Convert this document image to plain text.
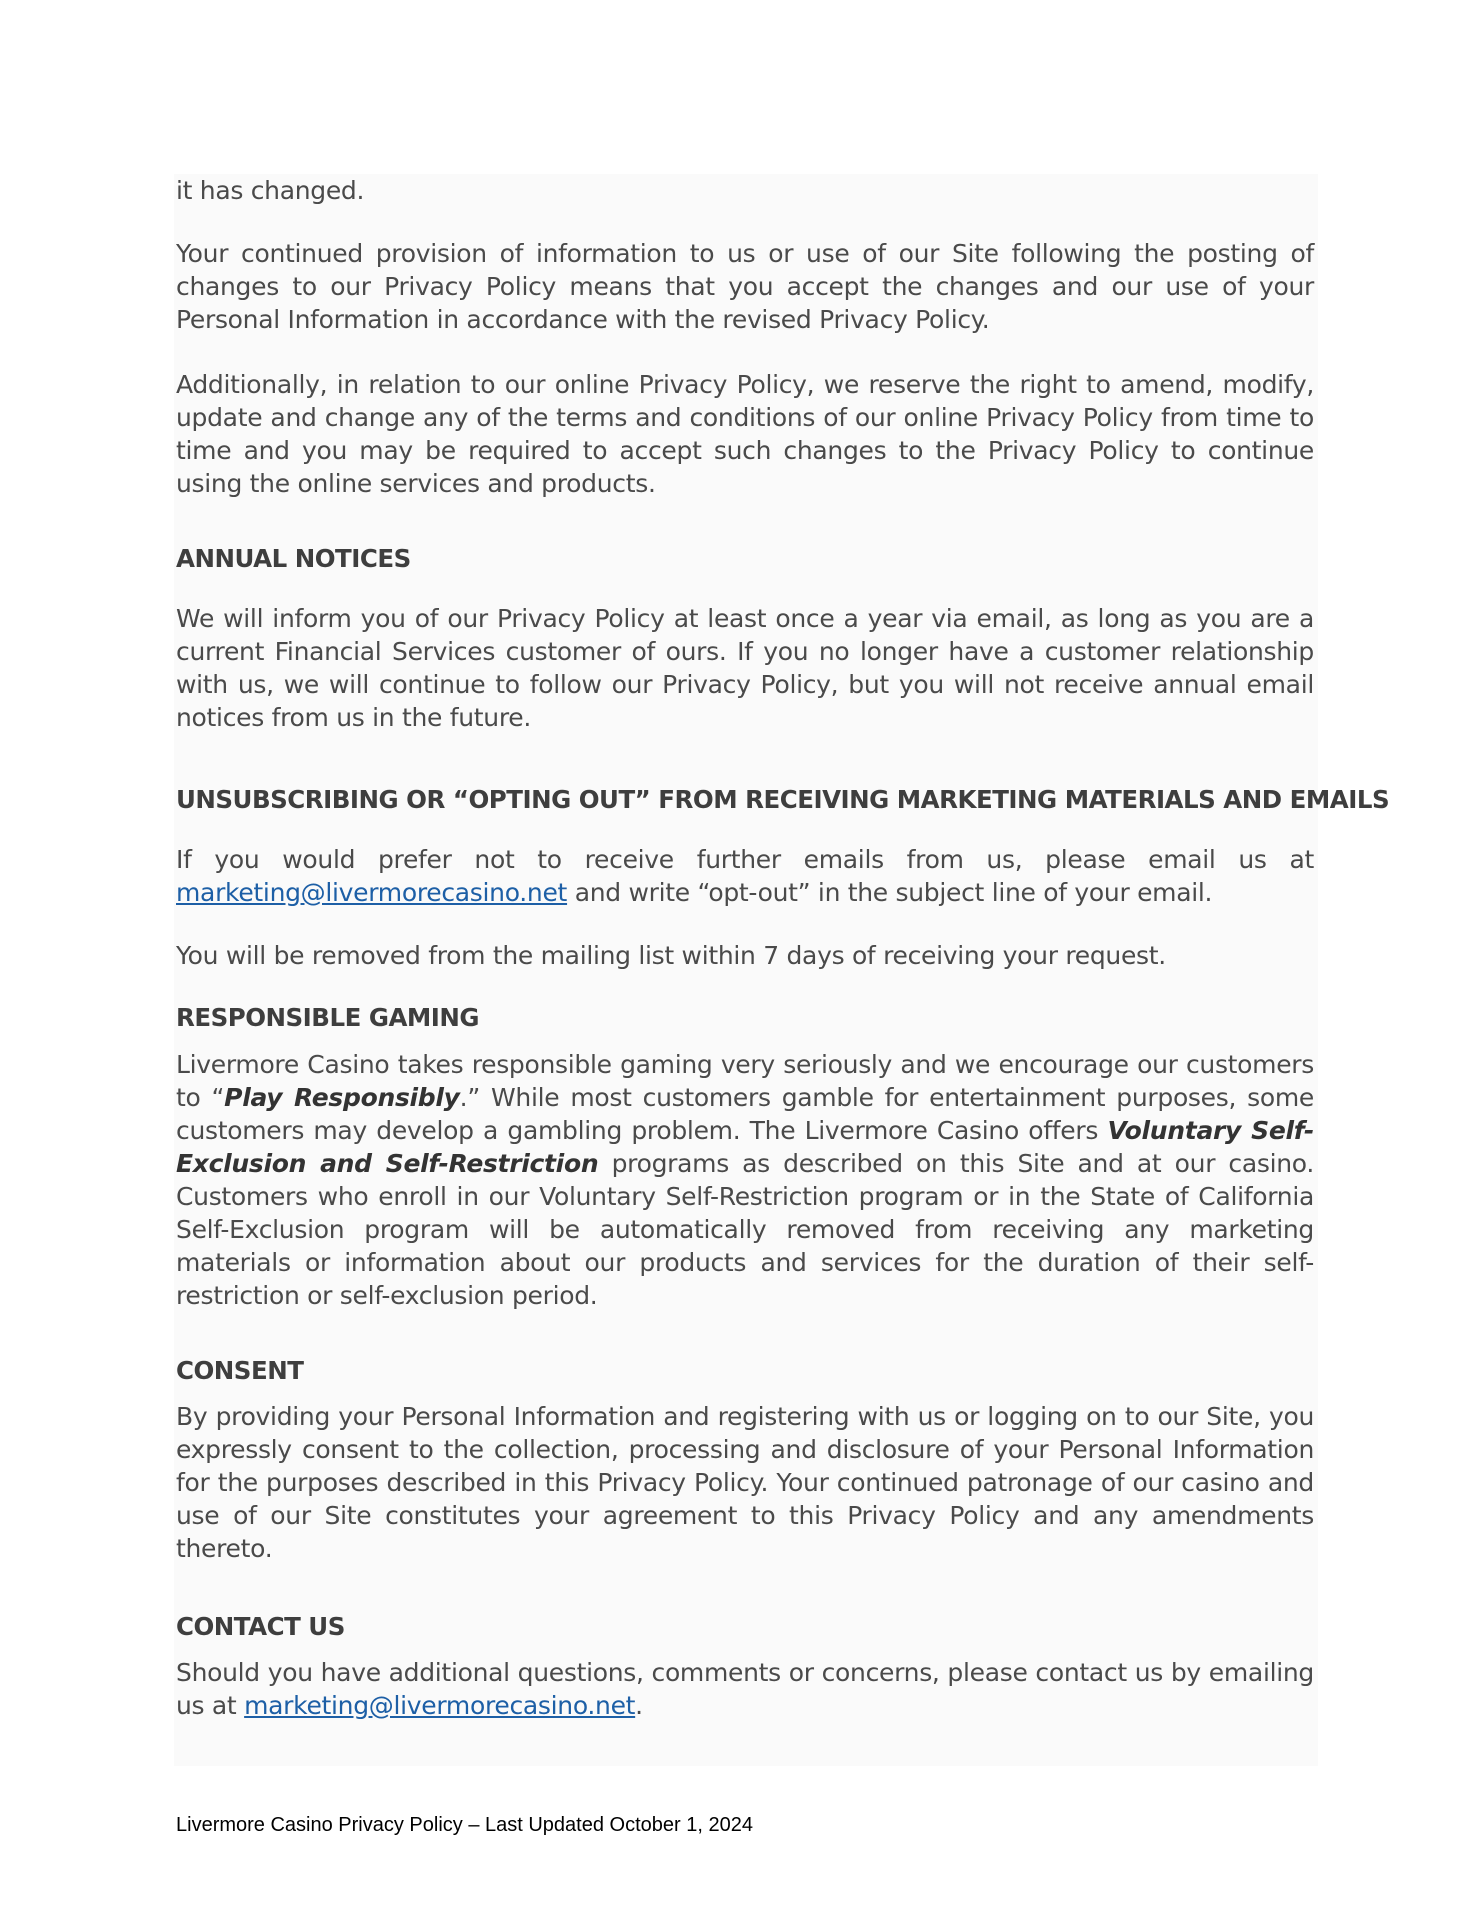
it has changed.

Your continued provision of information to us or use of our Site following the posting of changes to our Privacy Policy means that you accept the changes and our use of your Personal Information in accordance with the revised Privacy Policy.

Additionally, in relation to our online Privacy Policy, we reserve the right to amend, modify, update and change any of the terms and conditions of our online Privacy Policy from time to time and you may be required to accept such changes to the Privacy Policy to continue using the online services and products.

ANNUAL NOTICES

We will inform you of our Privacy Policy at least once a year via email, as long as you are a current Financial Services customer of ours. If you no longer have a customer relationship with us, we will continue to follow our Privacy Policy, but you will not receive annual email notices from us in the future.

UNSUBSCRIBING OR “OPTING OUT” FROM RECEIVING MARKETING MATERIALS AND EMAILS

If you would prefer not to receive further emails from us, please email us at marketing@livermorecasino.net and write “opt-out” in the subject line of your email.

You will be removed from the mailing list within 7 days of receiving your request.

RESPONSIBLE GAMING

Livermore Casino takes responsible gaming very seriously and we encourage our customers to “Play Responsibly.” While most customers gamble for entertainment purposes, some customers may develop a gambling problem. The Livermore Casino offers Voluntary Self-Exclusion and Self-Restriction programs as described on this Site and at our casino. Customers who enroll in our Voluntary Self-Restriction program or in the State of California Self-Exclusion program will be automatically removed from receiving any marketing materials or information about our products and services for the duration of their self-restriction or self-exclusion period.

CONSENT

By providing your Personal Information and registering with us or logging on to our Site, you expressly consent to the collection, processing and disclosure of your Personal Information for the purposes described in this Privacy Policy. Your continued patronage of our casino and use of our Site constitutes your agreement to this Privacy Policy and any amendments thereto.

CONTACT US

Should you have additional questions, comments or concerns, please contact us by emailing us at marketing@livermorecasino.net.

Livermore Casino Privacy Policy – Last Updated October 1, 2024
